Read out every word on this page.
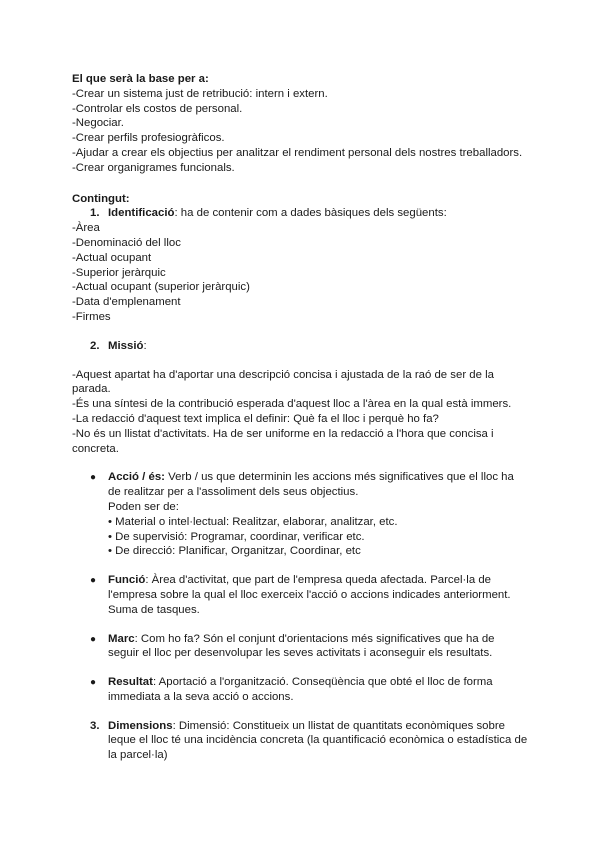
El que serà la base per a:

-Crear un sistema just de retribució: intern i extern.

-Controlar els costos de personal.

-Negociar.

-Crear perfils profesiogràficos.

-Ajudar a crear els objectius per analitzar el rendiment personal dels nostres treballadors.

-Crear organigrames funcionals.

Contingut:

1. Identificació: ha de contenir com a dades bàsiques dels següents:

-Àrea

-Denominació del lloc

-Actual ocupant

-Superior jeràrquic

-Actual ocupant (superior jeràrquic)

-Data d'emplenament

-Firmes

2. Missió:

-Aquest apartat ha d'aportar una descripció concisa i ajustada de la raó de ser de la parada.

-És una síntesi de la contribució esperada d'aquest lloc a l'àrea en la qual està immers.

-La redacció d'aquest text implica el definir: Què fa el lloc i perquè ho fa?

-No és un llistat d'activitats. Ha de ser uniforme en la redacció a l'hora que concisa i concreta.

●	Acció / és: Verb / us que determinin les accions més significatives que el lloc ha de realitzar per a l'assoliment dels seus objectius.

Poden ser de:

• Material o intel·lectual: Realitzar, elaborar, analitzar, etc.

• De supervisió: Programar, coordinar, verificar etc.

• De direcció: Planificar, Organitzar, Coordinar, etc

●	Funció: Àrea d'activitat, que part de l'empresa queda afectada. Parcel·la de l'empresa sobre la qual el lloc exerceix l'acció o accions indicades anteriorment. Suma de tasques.

●	Marc: Com ho fa? Són el conjunt d'orientacions més significatives que ha de seguir el lloc per desenvolupar les seves activitats i aconseguir els resultats.

●	Resultat: Aportació a l'organització. Conseqüència que obté el lloc de forma immediata a la seva acció o accions.

3. Dimensions: Dimensió: Constitueix un llistat de quantitats econòmiques sobre leque el lloc té una incidència concreta (la quantificació econòmica o estadística de la parcel·la)
